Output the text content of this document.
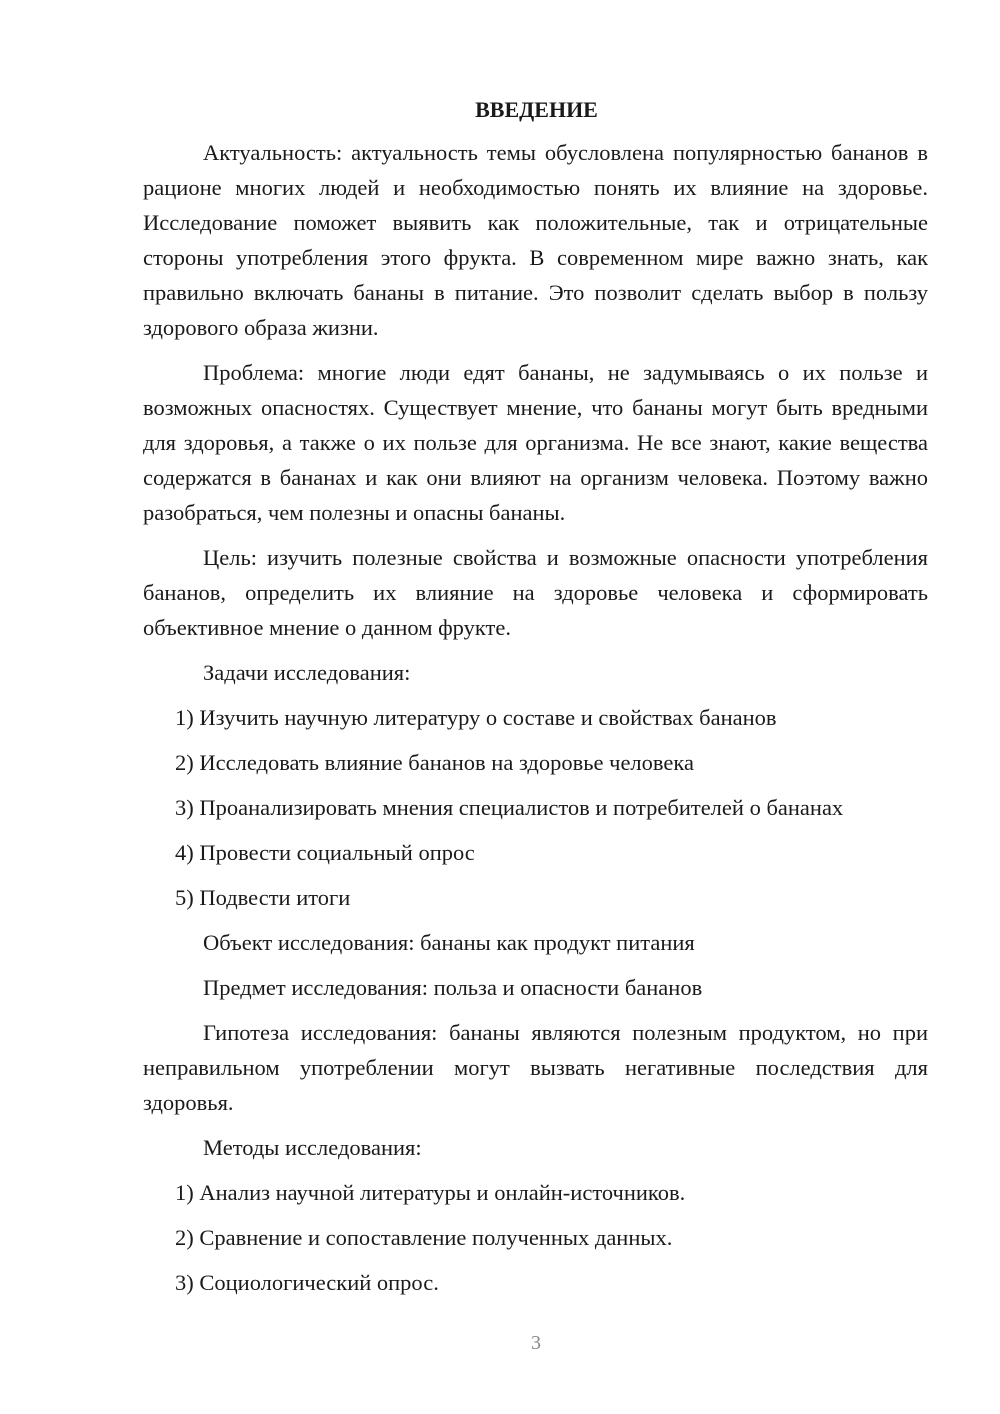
ВВЕДЕНИЕ
Актуальность: актуальность темы обусловлена популярностью бананов в рационе многих людей и необходимостью понять их влияние на здоровье. Исследование поможет выявить как положительные, так и отрицательные стороны употребления этого фрукта. В современном мире важно знать, как правильно включать бананы в питание. Это позволит сделать выбор в пользу здорового образа жизни.
Проблема: многие люди едят бананы, не задумываясь о их пользе и возможных опасностях. Существует мнение, что бананы могут быть вредными для здоровья, а также о их пользе для организма. Не все знают, какие вещества содержатся в бананах и как они влияют на организм человека. Поэтому важно разобраться, чем полезны и опасны бананы.
Цель: изучить полезные свойства и возможные опасности употребления бананов, определить их влияние на здоровье человека и сформировать объективное мнение о данном фрукте.
Задачи исследования:
1) Изучить научную литературу о составе и свойствах бананов
2) Исследовать влияние бананов на здоровье человека
3) Проанализировать мнения специалистов и потребителей о бананах
4) Провести социальный опрос
5) Подвести итоги
Объект исследования: бананы как продукт питания
Предмет исследования: польза и опасности бананов
Гипотеза исследования: бананы являются полезным продуктом, но при неправильном употреблении могут вызвать негативные последствия для здоровья.
Методы исследования:
1) Анализ научной литературы и онлайн-источников.
2) Сравнение и сопоставление полученных данных.
3) Социологический опрос.
3
